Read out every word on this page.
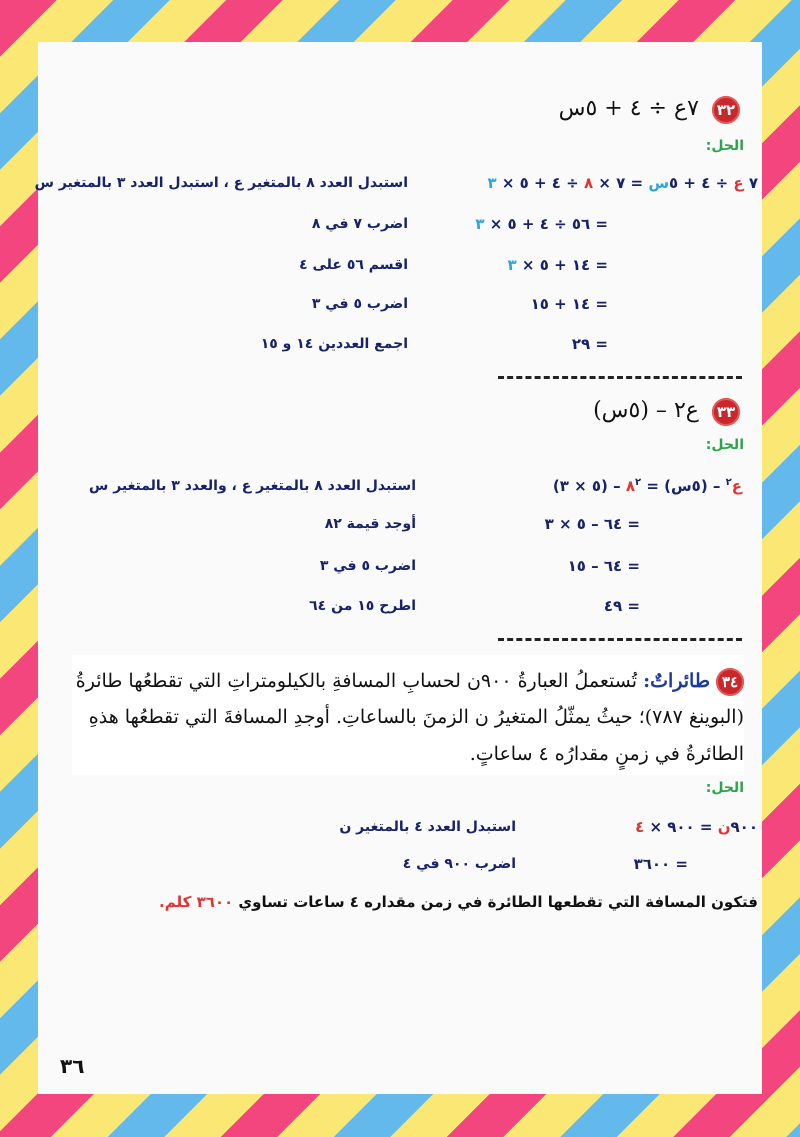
٣٢ ٧ع ÷ ٤ + ٥س
الحل:
٧ ع ÷ ٤ + ٥س = ٧ × ٨ ÷ ٤ + ٥ × ٣
استبدل العدد ٨ بالمتغير ع ، استبدل العدد ٣ بالمتغير س
= ٥٦ ÷ ٤ + ٥ × ٣
اضرب ٧ في ٨
= ١٤ + ٥ × ٣
اقسم ٥٦ على ٤
= ١٤ + ١٥
اضرب ٥ في ٣
= ٢٩
اجمع العددين ١٤ و ١٥
٣٣ ع٢ – (٥س)
الحل:
ع$^٢$ – (٥س) = $٨^٢$ – (٥ × ٣)
استبدل العدد ٨ بالمتغير ع ، والعدد ٣ بالمتغير س
= ٦٤ – ٥ × ٣
أوجد قيمة ٨٢
= ٦٤ – ١٥
اضرب ٥ في ٣
= ٤٩
اطرح ١٥ من ٦٤
٣٤ طائراتٌ: تُستعملُ العبارةُ ٩٠٠ن لحسابِ المسافةِ بالكيلومتراتِ التي تقطعُها طائرةُ
(البوينغ ٧٨٧)؛ حيثُ يمثّلُ المتغيرُ ن الزمنَ بالساعاتِ. أوجدِ المسافةَ التي تقطعُها هذهِ
الطائرةُ في زمنٍ مقدارُه ٤ ساعاتٍ.
الحل:
٩٠٠ن = ٩٠٠ × ٤
استبدل العدد ٤ بالمتغير ن
= ٣٦٠٠
اضرب ٩٠٠ في ٤
فتكون المسافة التي تقطعها الطائرة في زمن مقداره ٤ ساعات تساوي ٣٦٠٠ كلم.
٣٦
